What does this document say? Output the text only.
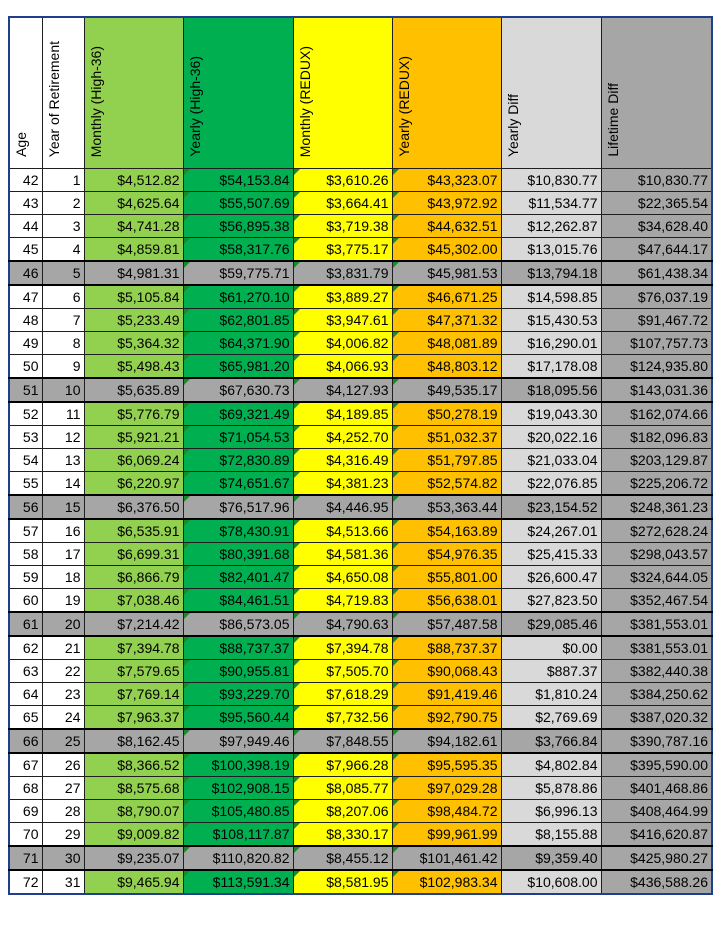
Age	Year of Retirement	Monthly (High-36)	Yearly (High-36)	Monthly (REDUX)	Yearly (REDUX)	Yearly Diff	Lifetime Diff
42	1	$4,512.82	$54,153.84	$3,610.26	$43,323.07	$10,830.77	$10,830.77
43	2	$4,625.64	$55,507.69	$3,664.41	$43,972.92	$11,534.77	$22,365.54
44	3	$4,741.28	$56,895.38	$3,719.38	$44,632.51	$12,262.87	$34,628.40
45	4	$4,859.81	$58,317.76	$3,775.17	$45,302.00	$13,015.76	$47,644.17
46	5	$4,981.31	$59,775.71	$3,831.79	$45,981.53	$13,794.18	$61,438.34
47	6	$5,105.84	$61,270.10	$3,889.27	$46,671.25	$14,598.85	$76,037.19
48	7	$5,233.49	$62,801.85	$3,947.61	$47,371.32	$15,430.53	$91,467.72
49	8	$5,364.32	$64,371.90	$4,006.82	$48,081.89	$16,290.01	$107,757.73
50	9	$5,498.43	$65,981.20	$4,066.93	$48,803.12	$17,178.08	$124,935.80
51	10	$5,635.89	$67,630.73	$4,127.93	$49,535.17	$18,095.56	$143,031.36
52	11	$5,776.79	$69,321.49	$4,189.85	$50,278.19	$19,043.30	$162,074.66
53	12	$5,921.21	$71,054.53	$4,252.70	$51,032.37	$20,022.16	$182,096.83
54	13	$6,069.24	$72,830.89	$4,316.49	$51,797.85	$21,033.04	$203,129.87
55	14	$6,220.97	$74,651.67	$4,381.23	$52,574.82	$22,076.85	$225,206.72
56	15	$6,376.50	$76,517.96	$4,446.95	$53,363.44	$23,154.52	$248,361.23
57	16	$6,535.91	$78,430.91	$4,513.66	$54,163.89	$24,267.01	$272,628.24
58	17	$6,699.31	$80,391.68	$4,581.36	$54,976.35	$25,415.33	$298,043.57
59	18	$6,866.79	$82,401.47	$4,650.08	$55,801.00	$26,600.47	$324,644.05
60	19	$7,038.46	$84,461.51	$4,719.83	$56,638.01	$27,823.50	$352,467.54
61	20	$7,214.42	$86,573.05	$4,790.63	$57,487.58	$29,085.46	$381,553.01
62	21	$7,394.78	$88,737.37	$7,394.78	$88,737.37	$0.00	$381,553.01
63	22	$7,579.65	$90,955.81	$7,505.70	$90,068.43	$887.37	$382,440.38
64	23	$7,769.14	$93,229.70	$7,618.29	$91,419.46	$1,810.24	$384,250.62
65	24	$7,963.37	$95,560.44	$7,732.56	$92,790.75	$2,769.69	$387,020.32
66	25	$8,162.45	$97,949.46	$7,848.55	$94,182.61	$3,766.84	$390,787.16
67	26	$8,366.52	$100,398.19	$7,966.28	$95,595.35	$4,802.84	$395,590.00
68	27	$8,575.68	$102,908.15	$8,085.77	$97,029.28	$5,878.86	$401,468.86
69	28	$8,790.07	$105,480.85	$8,207.06	$98,484.72	$6,996.13	$408,464.99
70	29	$9,009.82	$108,117.87	$8,330.17	$99,961.99	$8,155.88	$416,620.87
71	30	$9,235.07	$110,820.82	$8,455.12	$101,461.42	$9,359.40	$425,980.27
72	31	$9,465.94	$113,591.34	$8,581.95	$102,983.34	$10,608.00	$436,588.26
